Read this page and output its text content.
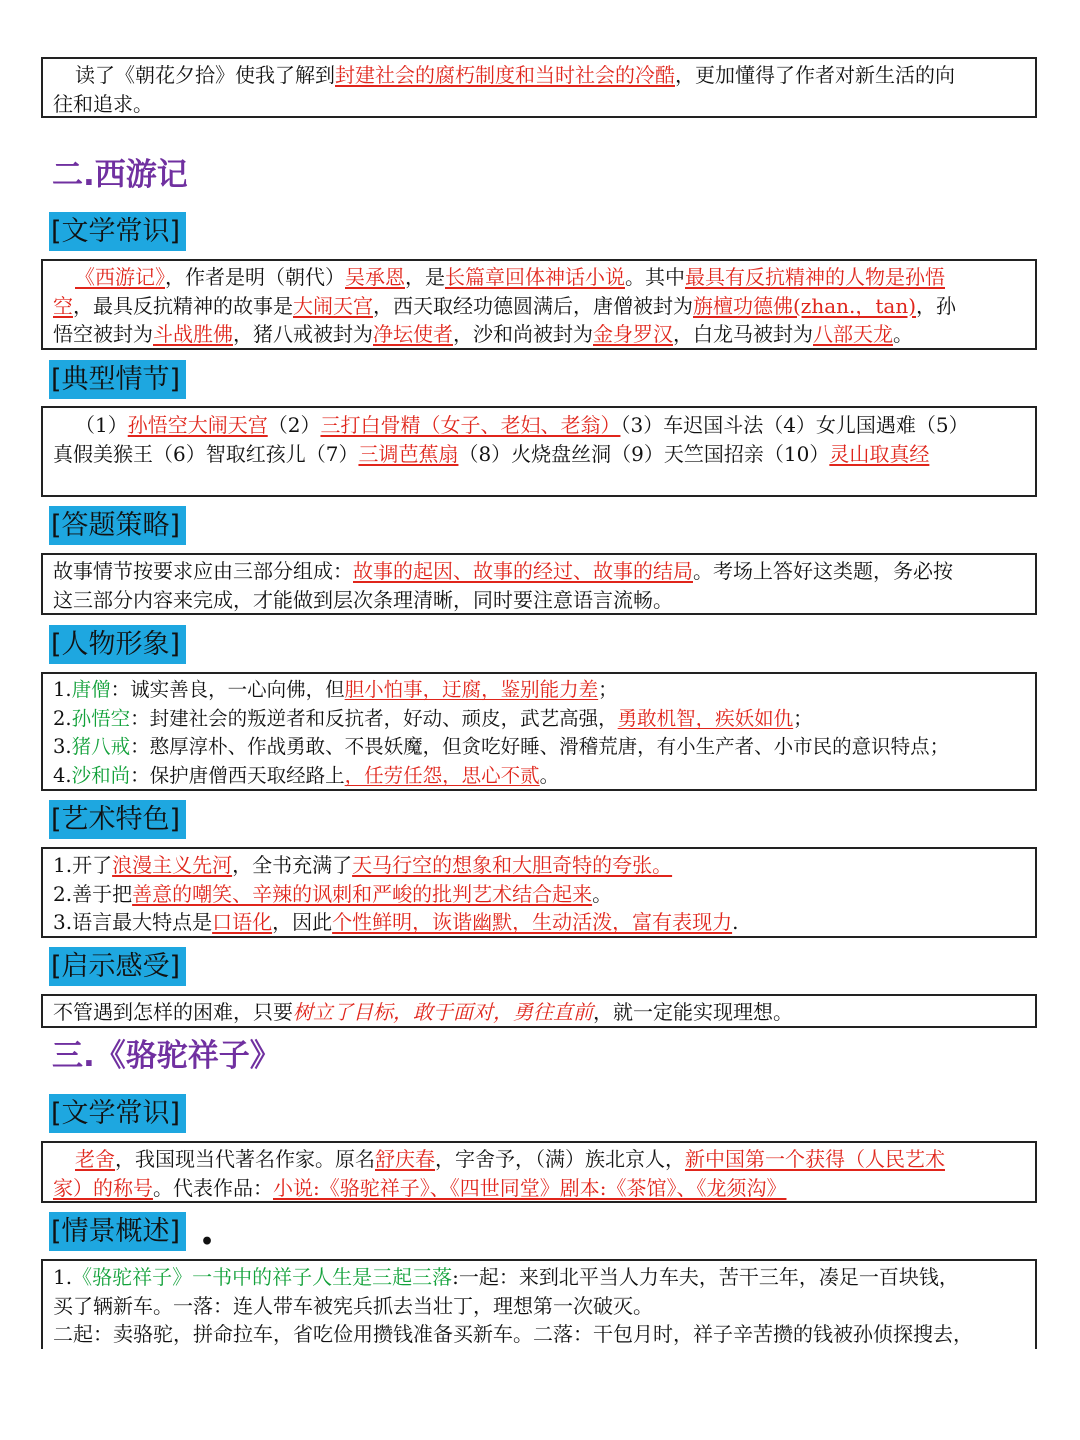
读了《朝花夕拾》使我了解到封建社会的腐朽制度和当时社会的冷酷，更加懂得了作者对新生活的向

往和追求。

二.西游记
[文学常识]

《西游记》，作者是明（朝代）吴承恩，是长篇章回体神话小说。其中最具有反抗精神的人物是孙悟

空，最具反抗精神的故事是大闹天宫，西天取经功德圆满后，唐僧被封为旃檀功德佛(zhan.，tan)，孙

悟空被封为斗战胜佛，猪八戒被封为净坛使者，沙和尚被封为金身罗汉，白龙马被封为八部天龙。

[典型情节]

（1）孙悟空大闹天宫（2）三打白骨精（女子、老妇、老翁）（3）车迟国斗法（4）女儿国遇难（5）

真假美猴王（6）智取红孩儿（7）三调芭蕉扇（8）火烧盘丝洞（9）天竺国招亲（10）灵山取真经

[答题策略]

故事情节按要求应由三部分组成：故事的起因、故事的经过、故事的结局。考场上答好这类题，务必按

这三部分内容来完成，才能做到层次条理清晰，同时要注意语言流畅。

[人物形象]

1.唐僧：诚实善良，一心向佛，但胆小怕事，迂腐，鉴别能力差；

2.孙悟空：封建社会的叛逆者和反抗者，好动、顽皮，武艺高强，勇敢机智，疾妖如仇；

3.猪八戒：憨厚淳朴、作战勇敢、不畏妖魔，但贪吃好睡、滑稽荒唐，有小生产者、小市民的意识特点；

4.沙和尚：保护唐僧西天取经路上，任劳任怨，思心不贰。

[艺术特色]

1.开了浪漫主义先河，全书充满了天马行空的想象和大胆奇特的夸张。

2.善于把善意的嘲笑、辛辣的讽刺和严峻的批判艺术结合起来。

3.语言最大特点是口语化，因此个性鲜明，诙谐幽默，生动活泼，富有表现力.

[启示感受]

不管遇到怎样的困难，只要树立了目标，敢于面对，勇往直前，就一定能实现理想。

三.《骆驼祥子》
[文学常识]

老舍，我国现当代著名作家。原名舒庆春，字舍予，（满）族北京人，新中国第一个获得（人民艺术

家）的称号。代表作品：小说:《骆驼祥子》、《四世同堂》剧本:《茶馆》、《龙须沟》

[情景概述] •

1.《骆驼祥子》一书中的祥子人生是三起三落:一起：来到北平当人力车夫，苦干三年，凑足一百块钱，

买了辆新车。一落：连人带车被宪兵抓去当壮丁，理想第一次破灭。

二起：卖骆驼，拼命拉车，省吃俭用攒钱准备买新车。二落：干包月时，祥子辛苦攒的钱被孙侦探搜去，
